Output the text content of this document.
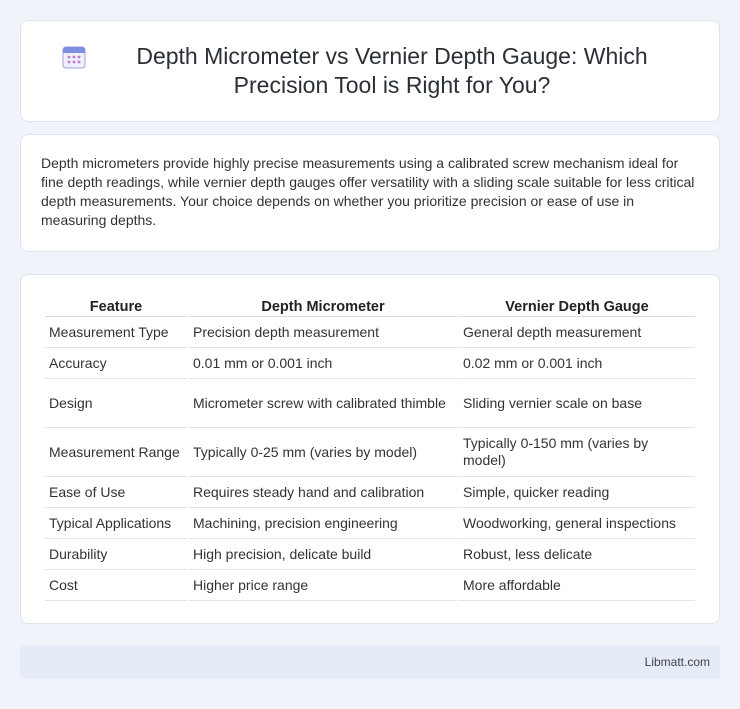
Depth Micrometer vs Vernier Depth Gauge: Which Precision Tool is Right for You?

Depth micrometers provide highly precise measurements using a calibrated screw mechanism ideal for fine depth readings, while vernier depth gauges offer versatility with a sliding scale suitable for less critical depth measurements. Your choice depends on whether you prioritize precision or ease of use in measuring depths.

Feature	Depth Micrometer	Vernier Depth Gauge
Measurement Type	Precision depth measurement	General depth measurement
Accuracy	0.01 mm or 0.001 inch	0.02 mm or 0.001 inch
Design	Micrometer screw with calibrated thimble	Sliding vernier scale on base
Measurement Range	Typically 0-25 mm (varies by model)	Typically 0-150 mm (varies by model)
Ease of Use	Requires steady hand and calibration	Simple, quicker reading
Typical Applications	Machining, precision engineering	Woodworking, general inspections
Durability	High precision, delicate build	Robust, less delicate
Cost	Higher price range	More affordable
Libmatt.com
